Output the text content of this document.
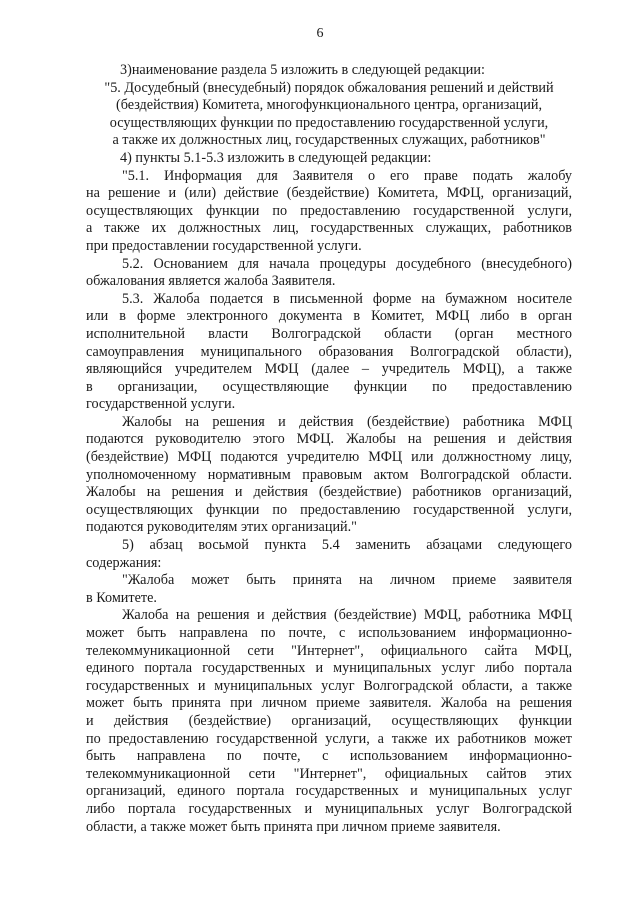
6
3)наименование раздела 5 изложить в следующей редакции:
"5. Досудебный (внесудебный) порядок обжалования решений и действий
(бездействия) Комитета, многофункционального центра, организаций,
осуществляющих функции по предоставлению государственной услуги,
а также их должностных лиц, государственных служащих, работников"
4) пункты 5.1-5.3 изложить в следующей редакции:
"5.1. Информация для Заявителя о его праве подать жалобу
на решение и (или) действие (бездействие) Комитета, МФЦ, организаций,
осуществляющих функции по предоставлению государственной услуги,
а также их должностных лиц, государственных служащих, работников
при предоставлении государственной услуги.
5.2. Основанием для начала процедуры досудебного (внесудебного)
обжалования является жалоба Заявителя.
5.3. Жалоба подается в письменной форме на бумажном носителе
или в форме электронного документа в Комитет, МФЦ либо в орган
исполнительной власти Волгоградской области (орган местного
самоуправления муниципального образования Волгоградской области),
являющийся учредителем МФЦ (далее – учредитель МФЦ), а также
в организации, осуществляющие функции по предоставлению
государственной услуги.
Жалобы на решения и действия (бездействие) работника МФЦ
подаются руководителю этого МФЦ. Жалобы на решения и действия
(бездействие) МФЦ подаются учредителю МФЦ или должностному лицу,
уполномоченному нормативным правовым актом Волгоградской области.
Жалобы на решения и действия (бездействие) работников организаций,
осуществляющих функции по предоставлению государственной услуги,
подаются руководителям этих организаций."
5) абзац восьмой пункта 5.4 заменить абзацами следующего
содержания:
"Жалоба может быть принята на личном приеме заявителя
в Комитете.
Жалоба на решения и действия (бездействие) МФЦ, работника МФЦ
может быть направлена по почте, с использованием информационно-
телекоммуникационной сети "Интернет", официального сайта МФЦ,
единого портала государственных и муниципальных услуг либо портала
государственных и муниципальных услуг Волгоградской области, а также
может быть принята при личном приеме заявителя. Жалоба на решения
и действия (бездействие) организаций, осуществляющих функции
по предоставлению государственной услуги, а также их работников может
быть направлена по почте, с использованием информационно-
телекоммуникационной сети "Интернет", официальных сайтов этих
организаций, единого портала государственных и муниципальных услуг
либо портала государственных и муниципальных услуг Волгоградской
области, а также может быть принята при личном приеме заявителя.
